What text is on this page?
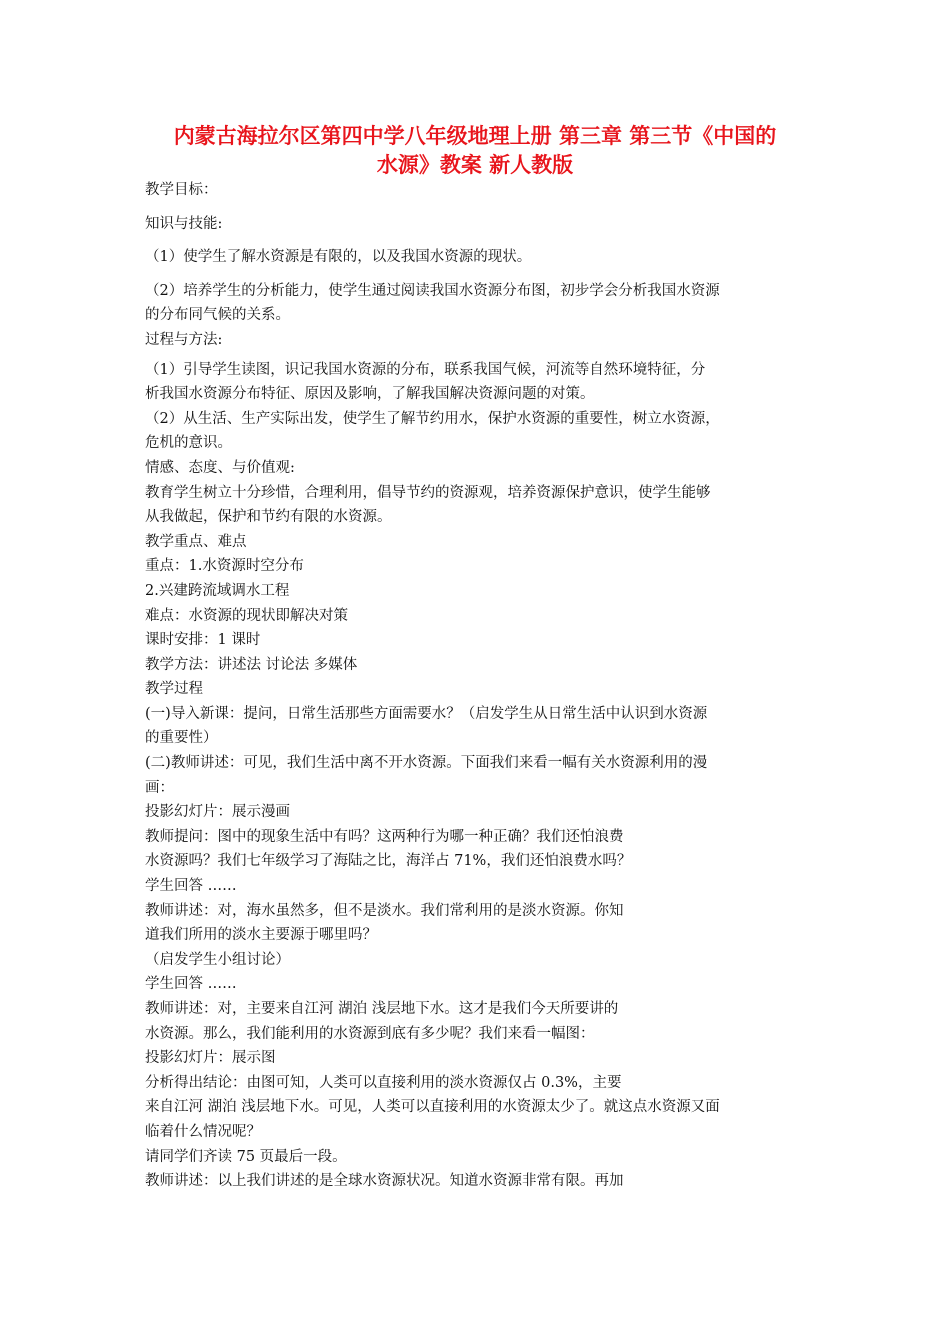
内蒙古海拉尔区第四中学八年级地理上册 第三章 第三节《中国的
水源》教案 新人教版

教学目标：

知识与技能:

（1）使学生了解水资源是有限的，以及我国水资源的现状。

（2）培养学生的分析能力，使学生通过阅读我国水资源分布图，初步学会分析我国水资源

的分布同气候的关系。

过程与方法:

（1）引导学生读图，识记我国水资源的分布，联系我国气候，河流等自然环境特征，分

析我国水资源分布特征、原因及影响，了解我国解决资源问题的对策。

（2）从生活、生产实际出发，使学生了解节约用水，保护水资源的重要性，树立水资源，

危机的意识。

情感、态度、与价值观:

教育学生树立十分珍惜，合理利用，倡导节约的资源观，培养资源保护意识，使学生能够

从我做起，保护和节约有限的水资源。

教学重点、难点

重点：1.水资源时空分布

2.兴建跨流域调水工程

难点：水资源的现状即解决对策

课时安排：1 课时

教学方法：讲述法 讨论法 多媒体

教学过程

(一)导入新课：提问，日常生活那些方面需要水？（启发学生从日常生活中认识到水资源

的重要性）

(二)教师讲述：可见，我们生活中离不开水资源。下面我们来看一幅有关水资源利用的漫

画：

投影幻灯片：展示漫画

教师提问：图中的现象生活中有吗？这两种行为哪一种正确？我们还怕浪费

水资源吗？我们七年级学习了海陆之比，海洋占 71%，我们还怕浪费水吗？

学生回答 ……

教师讲述：对，海水虽然多，但不是淡水。我们常利用的是淡水资源。你知

道我们所用的淡水主要源于哪里吗？

（启发学生小组讨论）

学生回答 ……

教师讲述：对，主要来自江河 湖泊 浅层地下水。这才是我们今天所要讲的

水资源。那么，我们能利用的水资源到底有多少呢？我们来看一幅图：

投影幻灯片：展示图

分析得出结论：由图可知，人类可以直接利用的淡水资源仅占 0.3%，主要

来自江河 湖泊 浅层地下水。可见，人类可以直接利用的水资源太少了。就这点水资源又面

临着什么情况呢？

请同学们齐读 75 页最后一段。

教师讲述：以上我们讲述的是全球水资源状况。知道水资源非常有限。再加
